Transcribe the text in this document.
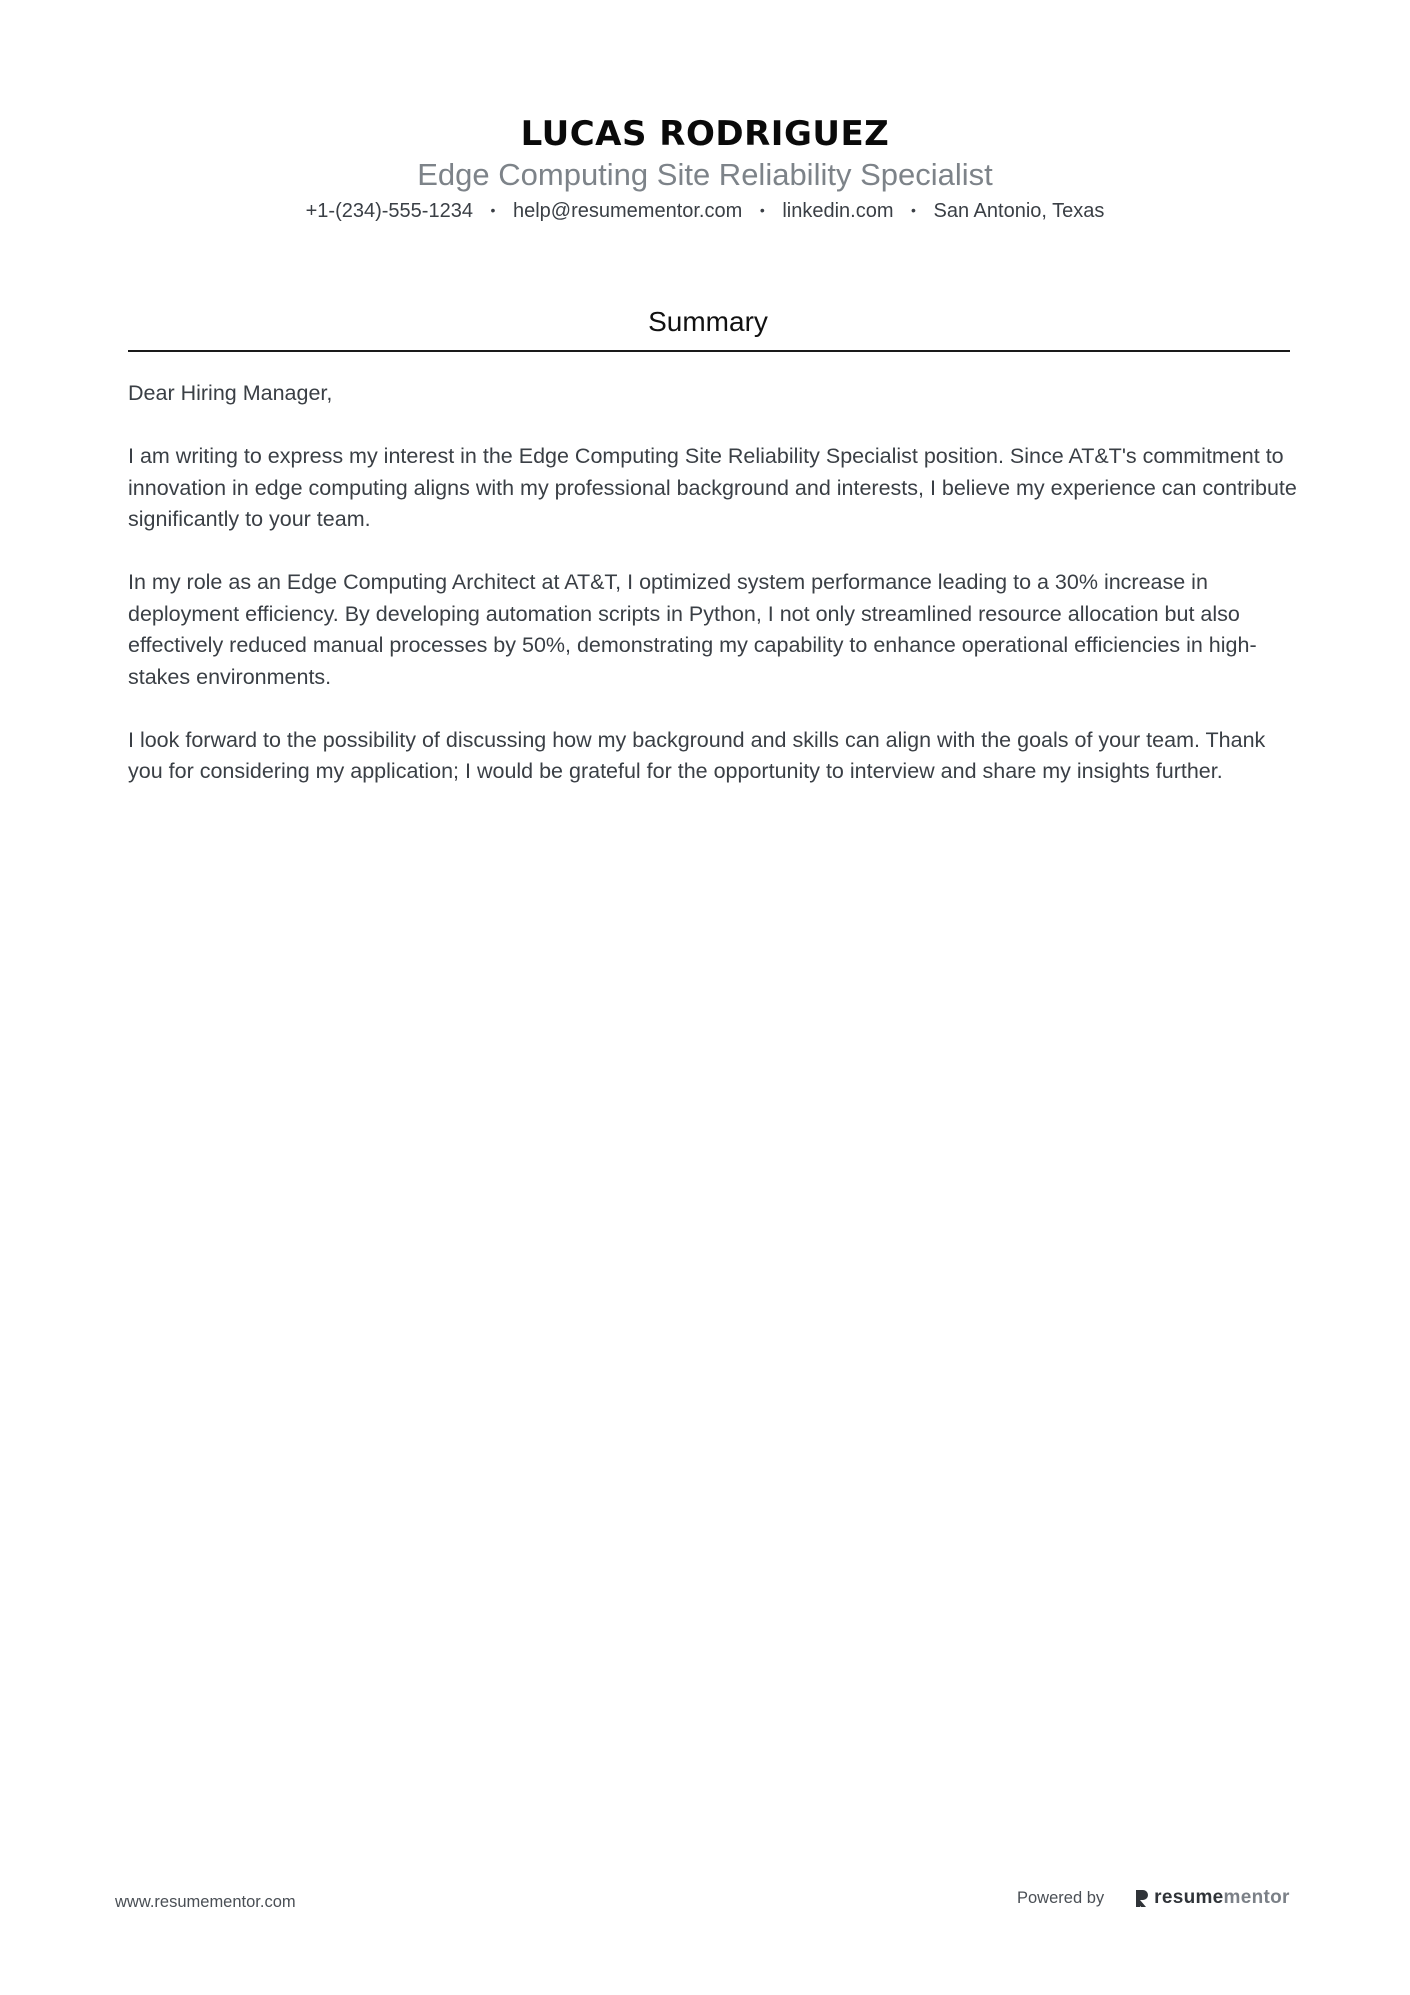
LUCAS RODRIGUEZ
Edge Computing Site Reliability Specialist
+1-(234)-555-1234 • help@resumementor.com • linkedin.com • San Antonio, Texas
Summary

Dear Hiring Manager,

I am writing to express my interest in the Edge Computing Site Reliability Specialist position. Since AT&T's commitment to innovation in edge computing aligns with my professional background and interests, I believe my experience can contribute significantly to your team.

In my role as an Edge Computing Architect at AT&T, I optimized system performance leading to a 30% increase in deployment efficiency. By developing automation scripts in Python, I not only streamlined resource allocation but also effectively reduced manual processes by 50%, demonstrating my capability to enhance operational efficiencies in high-stakes environments.

I look forward to the possibility of discussing how my background and skills can align with the goals of your team. Thank you for considering my application; I would be grateful for the opportunity to interview and share my insights further.

www.resumementor.com	Powered by	resumementor
